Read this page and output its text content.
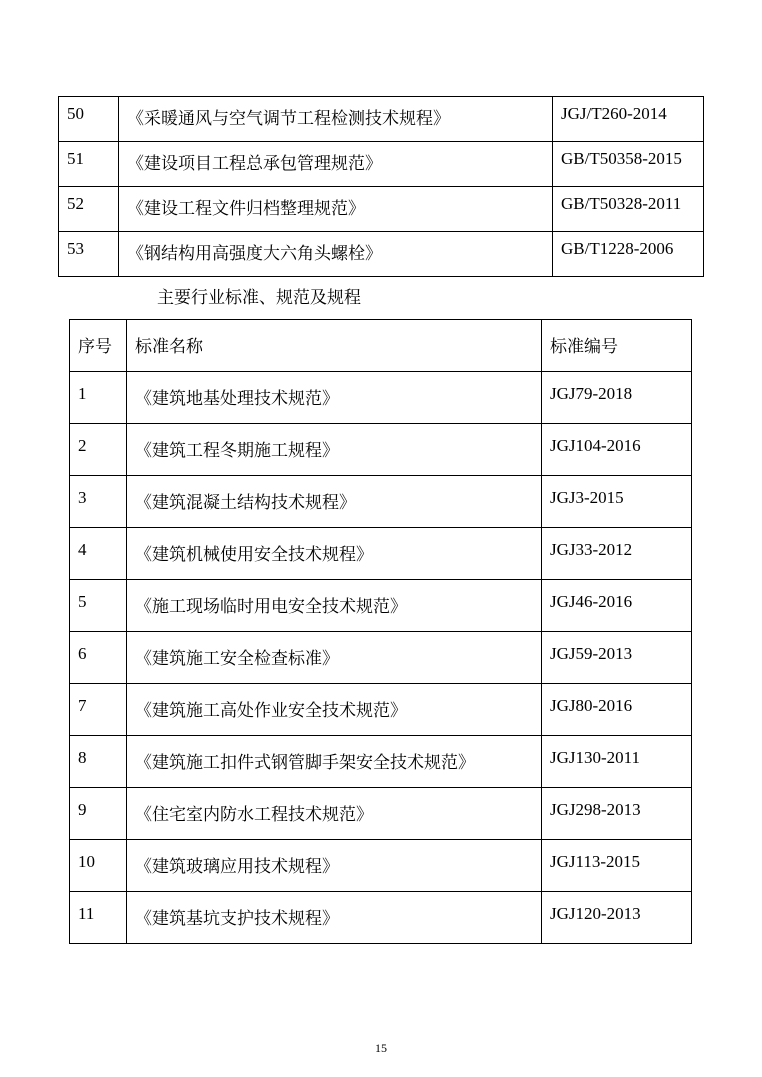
50	《采暖通风与空气调节工程检测技术规程》	JGJ/T260-2014

51	《建设项目工程总承包管理规范》	GB/T50358-2015

52	《建设工程文件归档整理规范》	GB/T50328-2011

53	《钢结构用高强度大六角头螺栓》	GB/T1228-2006
主要行业标准、规范及规程
序号	标准名称	标准编号

1	《建筑地基处理技术规范》	JGJ79-2018

2	《建筑工程冬期施工规程》	JGJ104-2016

3	《建筑混凝土结构技术规程》	JGJ3-2015

4	《建筑机械使用安全技术规程》	JGJ33-2012

5	《施工现场临时用电安全技术规范》	JGJ46-2016

6	《建筑施工安全检查标准》	JGJ59-2013

7	《建筑施工高处作业安全技术规范》	JGJ80-2016

8	《建筑施工扣件式钢管脚手架安全技术规范》	JGJ130-2011

9	《住宅室内防水工程技术规范》	JGJ298-2013

10	《建筑玻璃应用技术规程》	JGJ113-2015

11	《建筑基坑支护技术规程》	JGJ120-2013
15
